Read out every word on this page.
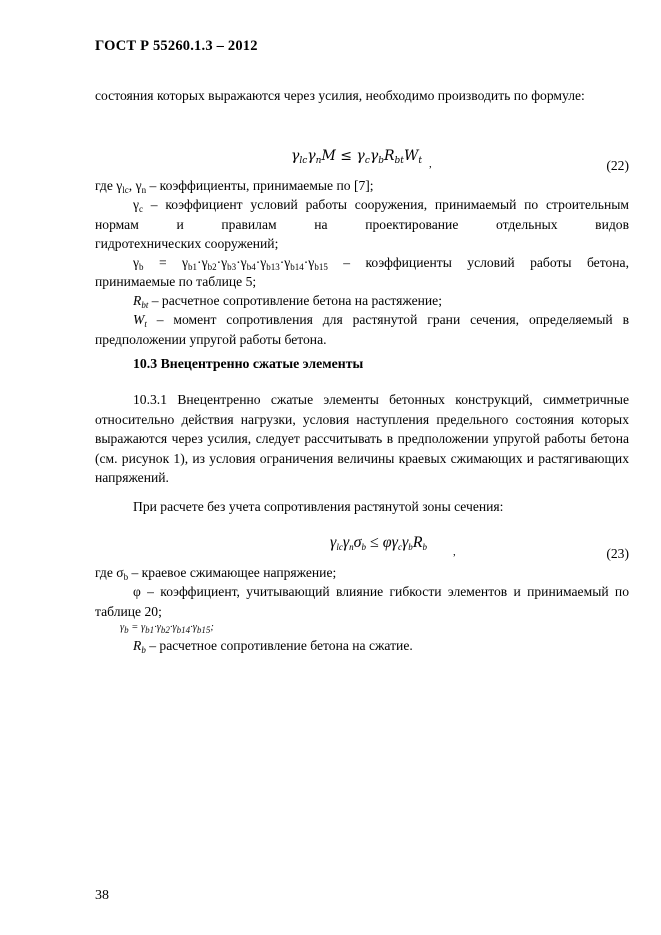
ГОСТ Р 55260.1.3 – 2012
состояния которых выражаются через усилия, необходимо производить по формуле:
$\gamma_{lc}\gamma_nM \le \gamma_c\gamma_bR_{bt}W_t$ ,	(22)
где $\gamma_{lc}$, $\gamma_n$ – коэффициенты, принимаемые по [7];
$\gamma_c$ – коэффициент условий работы сооружения, принимаемый по строительным нормам и правилам на проектирование отдельных видов
гидротехнических сооружений;
$\gamma_b = \gamma_{b1}\cdot\gamma_{b2}\cdot\gamma_{b3}\cdot\gamma_{b4}\cdot\gamma_{b13}\cdot\gamma_{b14}\cdot\gamma_{b15}$ – коэффициенты условий работы бетона,
принимаемые по таблице 5;
$R_{bt}$ – расчетное сопротивление бетона на растяжение;
$W_t$ – момент сопротивления для растянутой грани сечения, определяемый в предположении упругой работы бетона.
10.3 Внецентренно сжатые элементы
10.3.1 Внецентренно сжатые элементы бетонных конструкций, симметричные относительно действия нагрузки, условия наступления предельного состояния которых выражаются через усилия, следует рассчитывать в предположении упругой работы бетона (см. рисунок 1), из условия ограничения величины краевых сжимающих и растягивающих напряжений.
При расчете без учета сопротивления растянутой зоны сечения:
$\gamma_{lc}\gamma_n\sigma_b \le \varphi\gamma_c\gamma_bR_b$ ,	(23)
где $\sigma_b$ – краевое сжимающее напряжение;
φ – коэффициент, учитывающий влияние гибкости элементов и принимаемый по таблице 20;
$\gamma_b = \gamma_{b1}\cdot\gamma_{b2}\cdot\gamma_{b14}\cdot\gamma_{b15}$;
$R_b$ – расчетное сопротивление бетона на сжатие.
38
